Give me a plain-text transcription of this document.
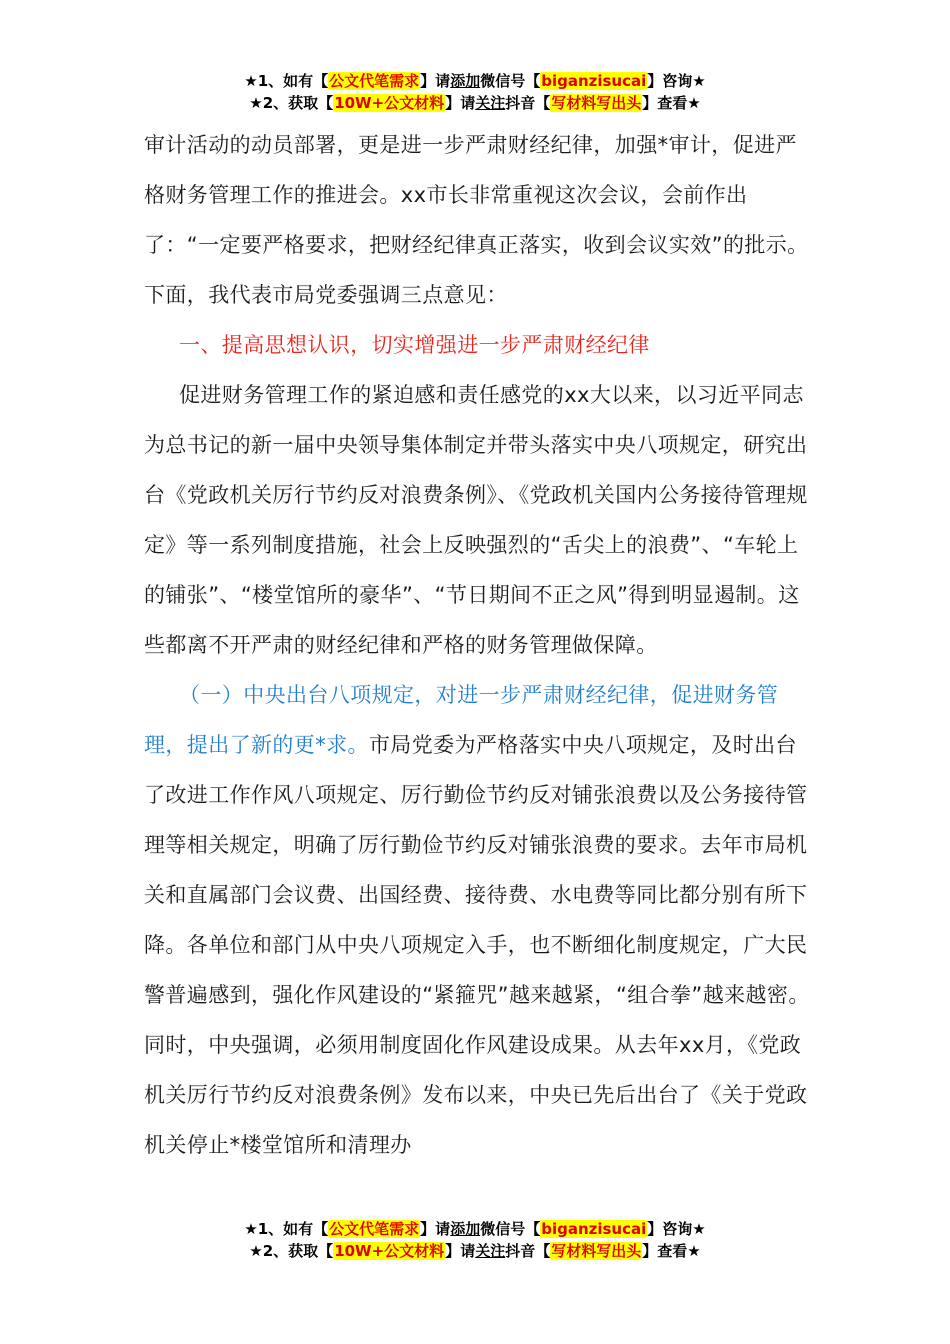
★1、如有【公文代笔需求】请添加微信号【biganzisucai】咨询★
★2、获取【10W+公文材料】请关注抖音【写材料写出头】查看★

审计活动的动员部署，更是进一步严肃财经纪律，加强*审计，促进严格财务管理工作的推进会。xx市长非常重视这次会议，会前作出了：“一定要严格要求，把财经纪律真正落实，收到会议实效”的批示。下面，我代表市局党委强调三点意见：

一、提高思想认识，切实增强进一步严肃财经纪律

促进财务管理工作的紧迫感和责任感党的xx大以来，以习近平同志为总书记的新一届中央领导集体制定并带头落实中央八项规定，研究出台《党政机关厉行节约反对浪费条例》、《党政机关国内公务接待管理规定》等一系列制度措施，社会上反映强烈的“舌尖上的浪费”、“车轮上的铺张”、“楼堂馆所的豪华”、“节日期间不正之风”得到明显遏制。这些都离不开严肃的财经纪律和严格的财务管理做保障。

（一）中央出台八项规定，对进一步严肃财经纪律，促进财务管理，提出了新的更*求。市局党委为严格落实中央八项规定，及时出台了改进工作作风八项规定、厉行勤俭节约反对铺张浪费以及公务接待管理等相关规定，明确了厉行勤俭节约反对铺张浪费的要求。去年市局机关和直属部门会议费、出国经费、接待费、水电费等同比都分别有所下降。各单位和部门从中央八项规定入手，也不断细化制度规定，广大民警普遍感到，强化作风建设的“紧箍咒”越来越紧，“组合拳”越来越密。同时，中央强调，必须用制度固化作风建设成果。从去年xx月，《党政机关厉行节约反对浪费条例》发布以来，中央已先后出台了《关于党政机关停止*楼堂馆所和清理办

★1、如有【公文代笔需求】请添加微信号【biganzisucai】咨询★
★2、获取【10W+公文材料】请关注抖音【写材料写出头】查看★
